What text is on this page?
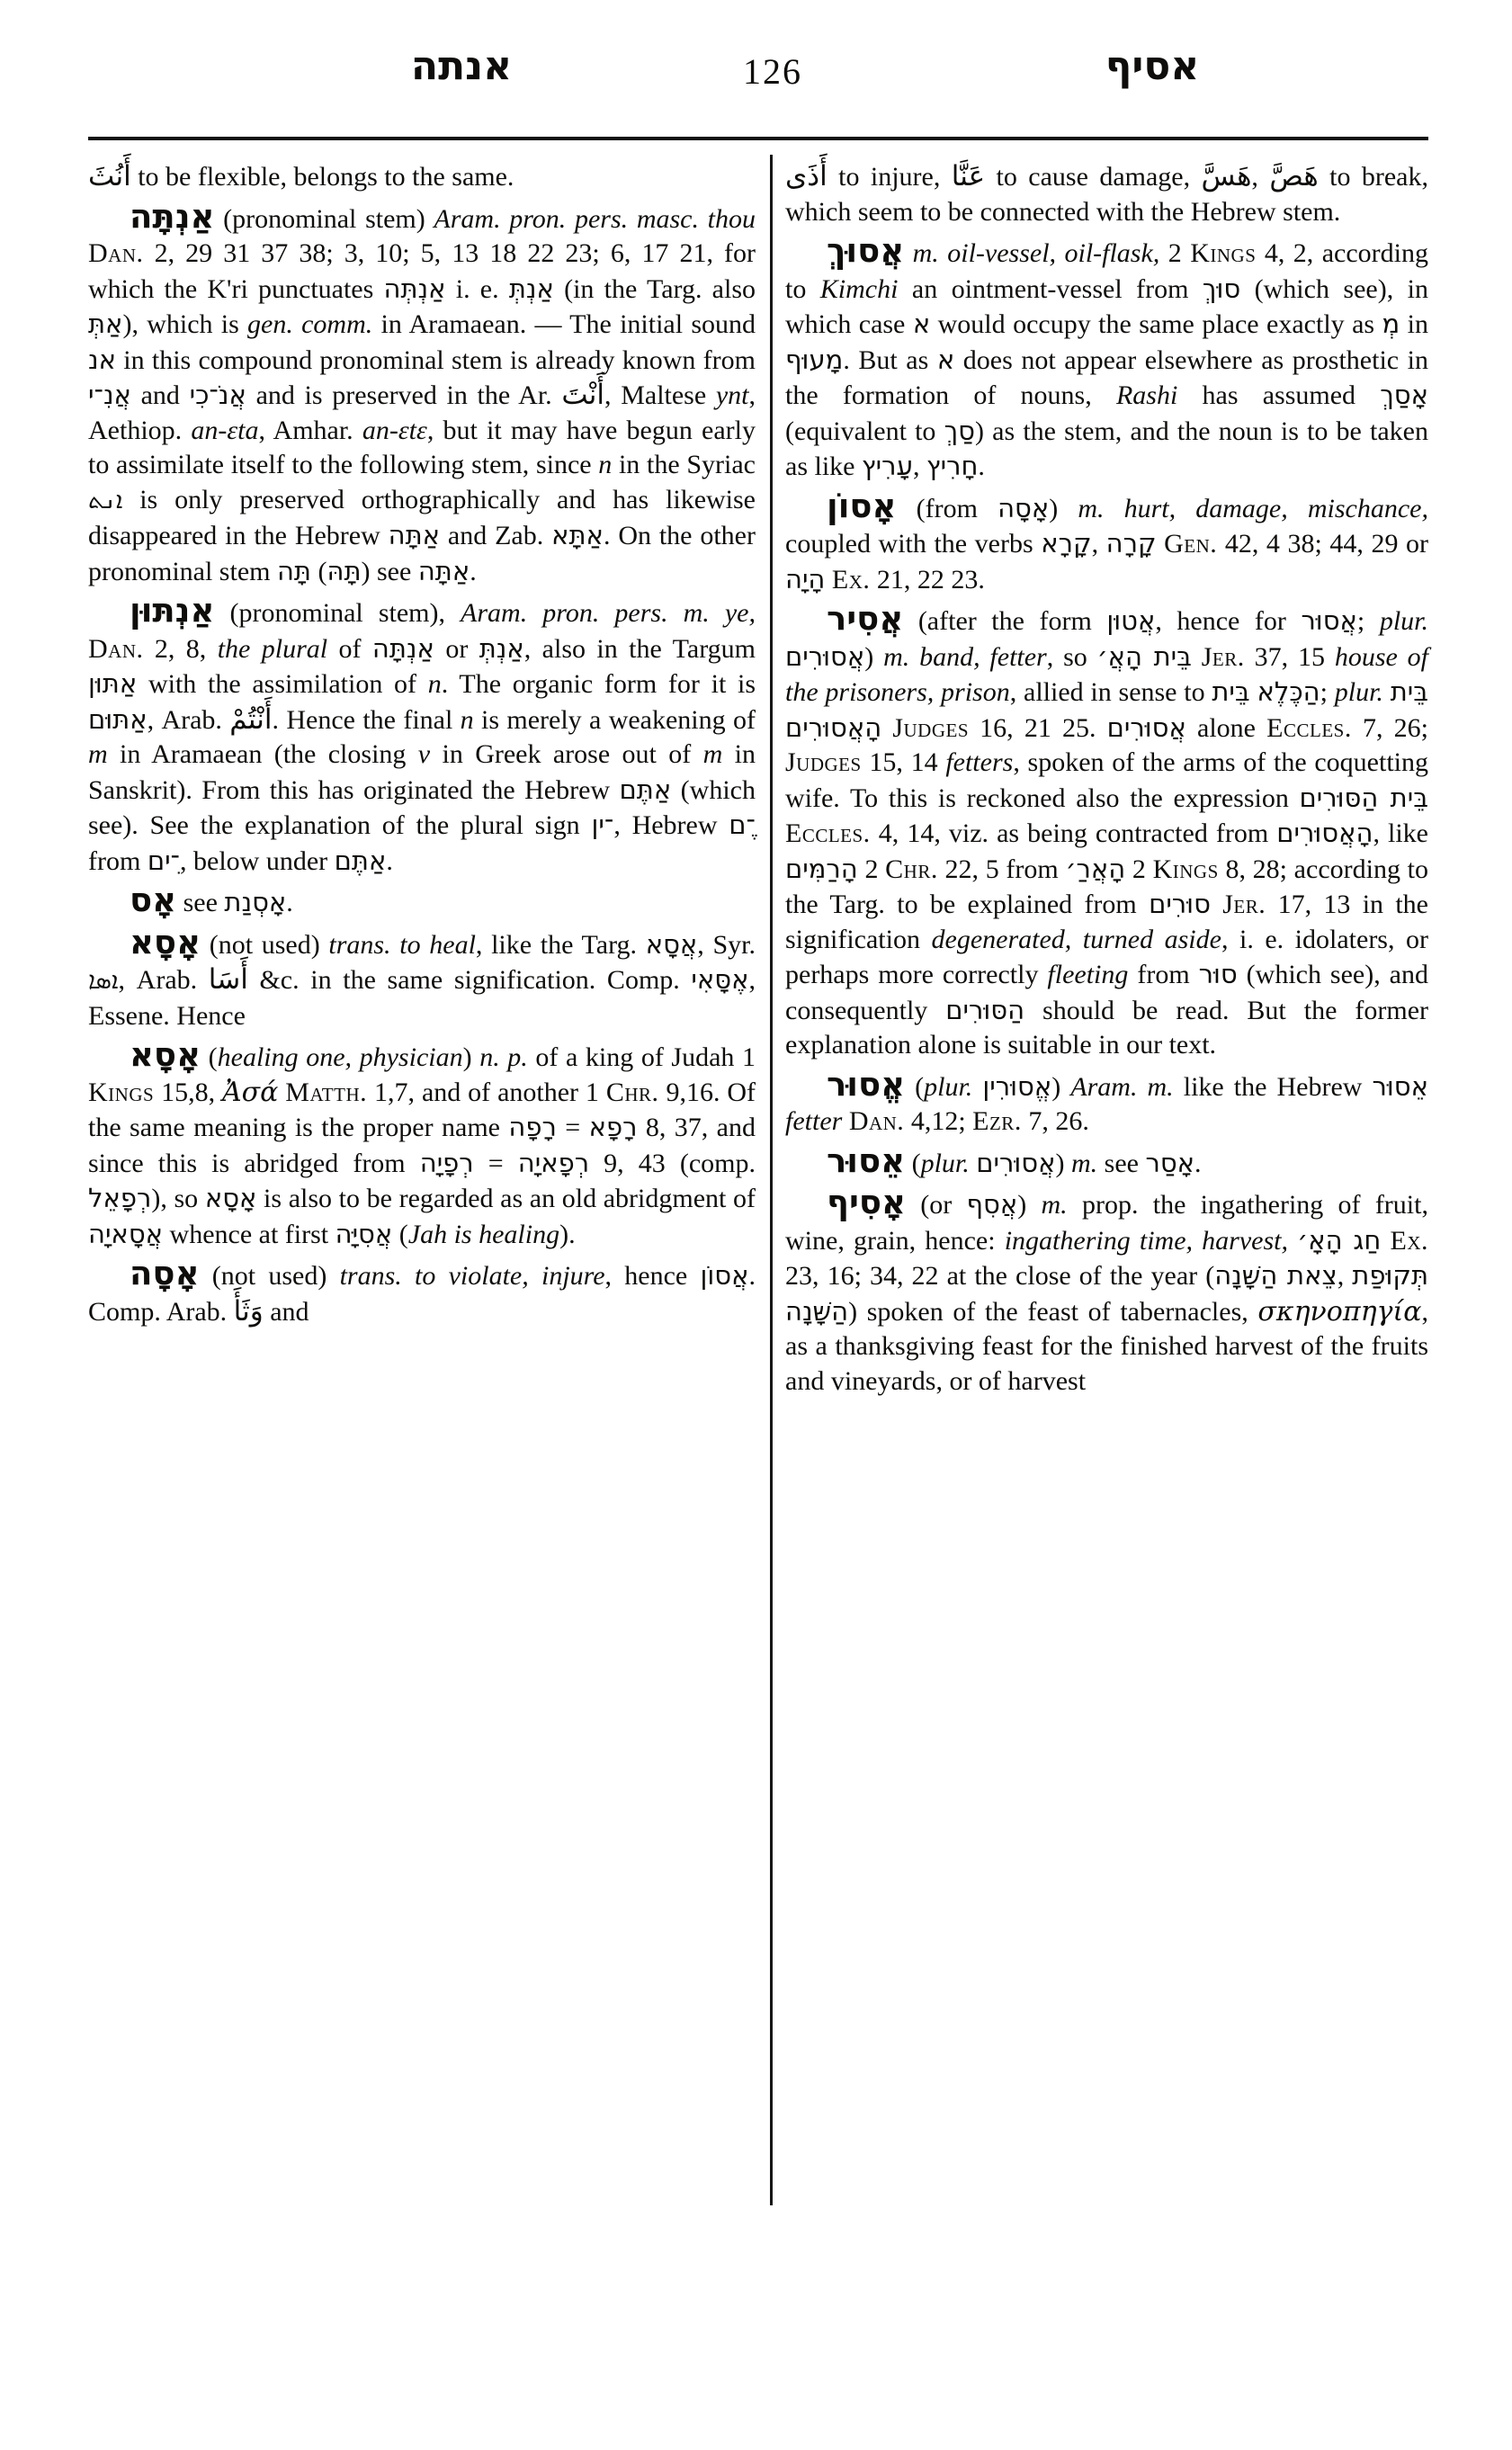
אנתה	126	אסיף

أَنُثَ to be flexible, belongs to the same.

אַנְתָּה (pronominal stem) Aram. pron. pers. masc. thou Dan. 2, 29 31 37 38; 3, 10; 5, 13 18 22 23; 6, 17 21, for which the K'ri punctuates אַנְתְּה i. e. אַנְתְּ (in the Targ. also אַתְּ), which is gen. comm. in Aramaean. — The initial sound אנ in this compound pronominal stem is already known from אֲנִ־י and אֲנֹ־כִי and is preserved in the Ar. أَنْتَ, Maltese ynt, Aethiop. an-ɛta, Amhar. an-ɛtɛ, but it may have begun early to assimilate itself to the following stem, since n in the Syriac ܐܢܬ is only preserved orthographically and has likewise disappeared in the Hebrew אַתָּה and Zab. אַתָּא. On the other pronominal stem תָּה (תָּהּ) see אַתָּה.

אַנְתּוּן (pronominal stem), Aram. pron. pers. m. ye, Dan. 2, 8, the plural of אַנְתָּה or אַנְתְּ, also in the Targum אַתּוּן with the assimilation of n. The organic form for it is אַתּוּם, Arab. أَنْتُمْ. Hence the final n is merely a weakening of m in Aramaean (the closing ν in Greek arose out of m in Sanskrit). From this has originated the Hebrew אַתֶּם (which see). See the explanation of the plural sign ־ין, Hebrew ־ֶם from ־ִים, below under אַתֶּם.

אָס see אָסְנַת.

אָסָא (not used) trans. to heal, like the Targ. אֲסָא, Syr. ܐܣܐ, Arab. أَسَا &c. in the same signification. Comp. אֶסָּאִי, Essene. Hence

אָסָא (healing one, physician) n. p. of a king of Judah 1 Kings 15,8, Ἀσά Matth. 1,7, and of another 1 Chr. 9,16. Of the same meaning is the proper name רָפָה = רָפָא 8, 37, and since this is abridged from רְפָיָה = רְפָאיָה 9, 43 (comp. רְפָאֵל), so אָסָא is also to be regarded as an old abridgment of אֲסָאיָה whence at first אֲסִיָּה (Jah is healing).

אָסָה (not used) trans. to violate, injure, hence אֲסוֹן. Comp. Arab. وَثَأَ and

أَذَى to injure, عَنَّا to cause damage, هَسَّ, هَصَّ to break, which seem to be connected with the Hebrew stem.

אֲסוּךְ m. oil-vessel, oil-flask, 2 Kings 4, 2, according to Kimchi an ointment-vessel from סוּךְ (which see), in which case א would occupy the same place exactly as מְ in מָעוּף. But as א does not appear elsewhere as prosthetic in the formation of nouns, Rashi has assumed אָסַךְ (equivalent to סַךְ) as the stem, and the noun is to be taken as like עָרִיץ, חָרִיץ.

אָסוֹן (from אָסָה) m. hurt, damage, mischance, coupled with the verbs קָרָא, קָרָה Gen. 42, 4 38; 44, 29 or הָיָה Ex. 21, 22 23.

אֲסִיר (after the form אֲטוּן, hence for אֲסוּר; plur. אֲסוּרִים) m. band, fetter, so בֵּית הָאֲ׳ Jer. 37, 15 house of the prisoners, prison, allied in sense to בֵּית הַכֶּלֶא; plur. בֵּית הָאֲסוּרִים Judges 16, 21 25. אֲסוּרִים alone Eccles. 7, 26; Judges 15, 14 fetters, spoken of the arms of the coquetting wife. To this is reckoned also the expression בֵּית הַסּוּרִים Eccles. 4, 14, viz. as being contracted from הָאֲסוּרִים, like הָרַמִּים 2 Chr. 22, 5 from הָאֲרַ׳ 2 Kings 8, 28; according to the Targ. to be explained from סוּרִים Jer. 17, 13 in the signification degenerated, turned aside, i. e. idolaters, or perhaps more correctly fleeting from סוּר (which see), and consequently הַסּוּרִים should be read. But the former explanation alone is suitable in our text.

אֱסוּר (plur. אֱסוּרִין) Aram. m. like the Hebrew אֵסוּר fetter Dan. 4,12; Ezr. 7, 26.

אֵסוּר (plur. אֲסוּרִים) m. see אָסַר.

אָסִיף (or אֲסִף) m. prop. the ingathering of fruit, wine, grain, hence: ingathering time, harvest, חַג הָאָ׳ Ex. 23, 16; 34, 22 at the close of the year (צֵאת הַשָּׁנָה, תְּקוּפַת הַשָּׁנָה) spoken of the feast of tabernacles, σκηνοπηγία, as a thanksgiving feast for the finished harvest of the fruits and vineyards, or of harvest
